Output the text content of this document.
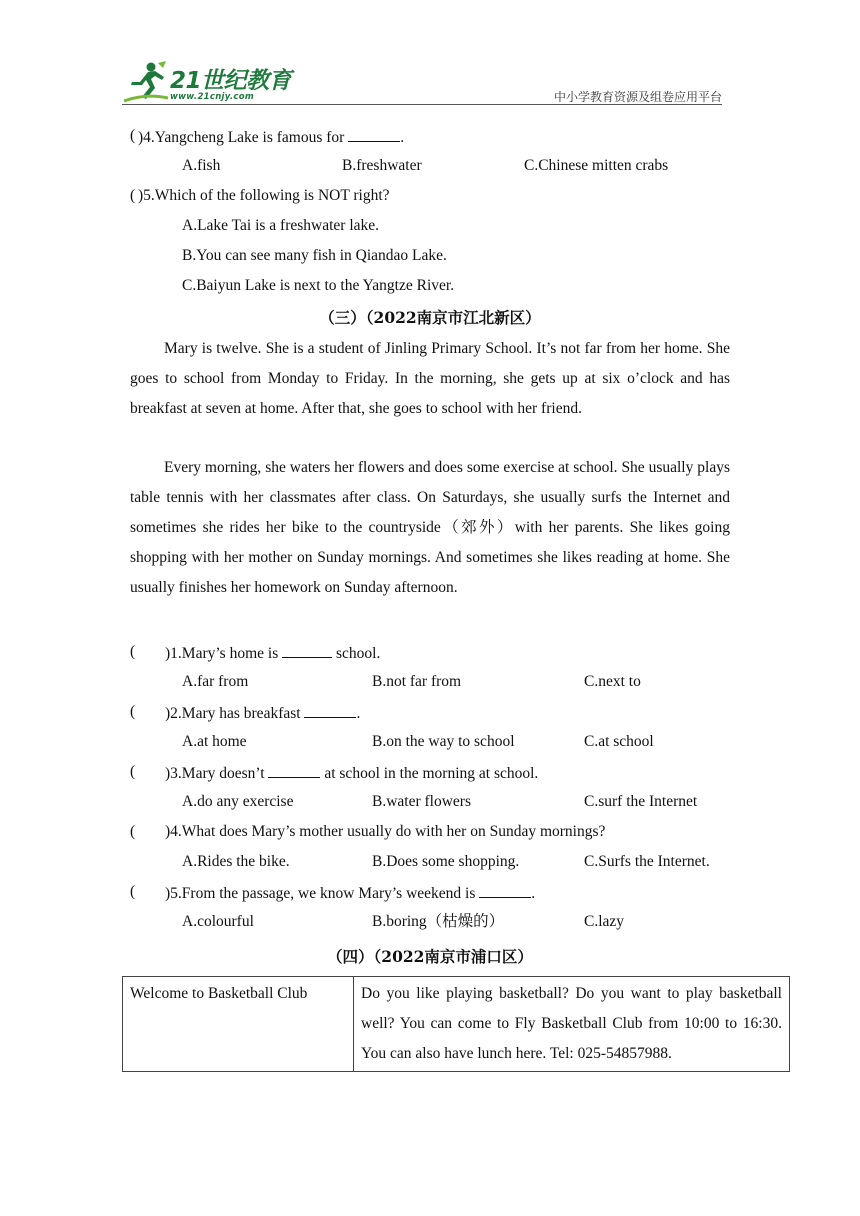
21世纪教育
www.21cnjy.com	中小学教育资源及组卷应用平台
( )4.Yangcheng Lake is famous for	.
A.fish	B.freshwater	C.Chinese mitten crabs
( )5.Which of the following is NOT right?
A.Lake Tai is a freshwater lake.
B.You can see many fish in Qiandao Lake.
C.Baiyun Lake is next to the Yangtze River.
（三）（2022南京市江北新区）
Mary is twelve. She is a student of Jinling Primary School. It’s not far from her home. She goes to school from Monday to Friday. In the morning, she gets up at six o’clock and has breakfast at seven at home. After that, she goes to school with her friend.
Every morning, she waters her flowers and does some exercise at school. She usually plays table tennis with her classmates after class. On Saturdays, she usually surfs the Internet and sometimes she rides her bike to the countryside（郊外）with her parents. She likes going shopping with her mother on Sunday mornings. And sometimes she likes reading at home. She usually finishes her homework on Sunday afternoon.
( )1.Mary’s home is	school.
A.far from	B.not far from	C.next to
( )2.Mary has breakfast	.
A.at home	B.on the way to school	C.at school
( )3.Mary doesn’t	at school in the morning at school.
A.do any exercise	B.water flowers	C.surf the Internet
( )4.What does Mary’s mother usually do with her on Sunday mornings?
A.Rides the bike.	B.Does some shopping.	C.Surfs the Internet.
( )5.From the passage, we know Mary’s weekend is	.
A.colourful	B.boring（枯燥的）	C.lazy
（四）（2022南京市浦口区）
Welcome to Basketball Club	Do you like playing basketball? Do you want to play basketball well? You can come to Fly Basketball Club from 10:00 to 16:30. You can also have lunch here. Tel: 025-54857988.
